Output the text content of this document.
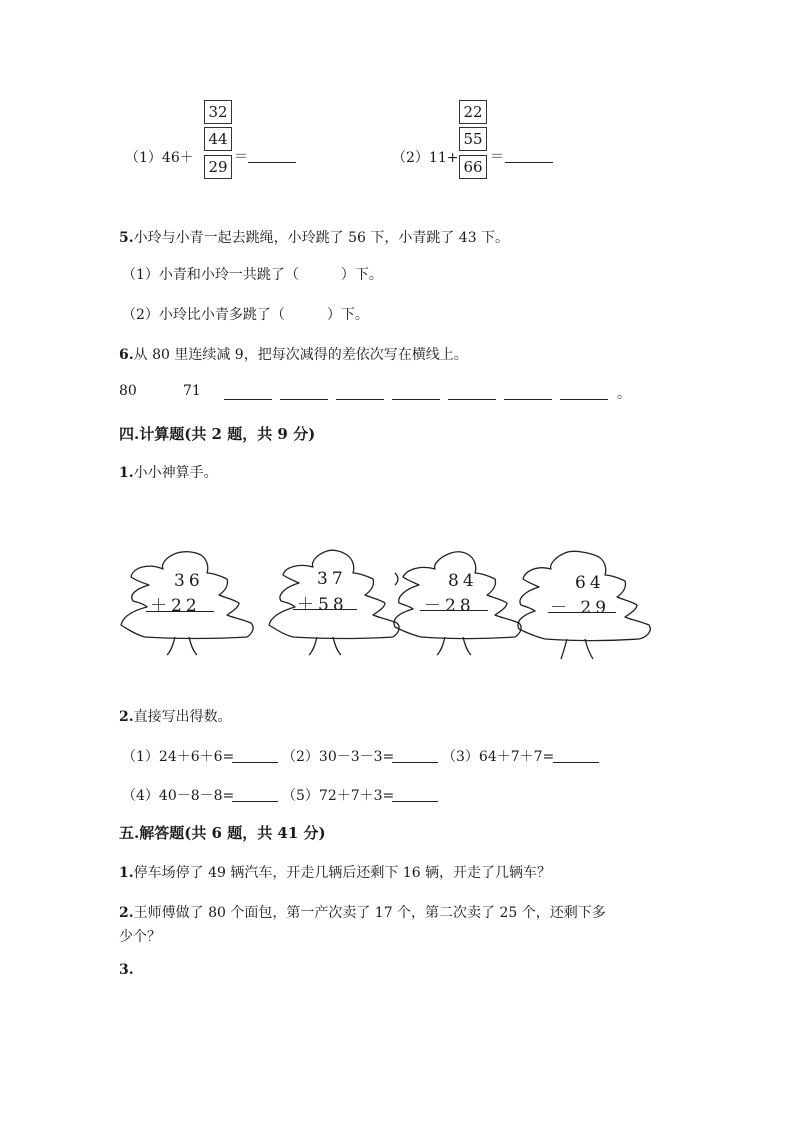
（1）46＋
32
44
29
＝	（2）11+
22
55
66
＝
5.小玲与小青一起去跳绳，小玲跳了 56 下，小青跳了 43 下。
（1）小青和小玲一共跳了（　　　）下。
（2）小玲比小青多跳了（　　　）下。
6.从 80 里连续减 9，把每次减得的差依次写在横线上。
80	71	。
四.计算题(共 2 题，共 9 分)
1.小小神算手。
36
＋22
37
＋58
84
－28
64
－ 29
2.直接写出得数。
（1）24＋6＋6=	（2）30－3－3=	（3）64＋7＋7=
（4）40－8－8=	（5）72＋7＋3=
五.解答题(共 6 题，共 41 分)
1.停车场停了 49 辆汽车，开走几辆后还剩下 16 辆，开走了几辆车？
2.王师傅做了 80 个面包，第一产次卖了 17 个，第二次卖了 25 个，还剩下多
少个？
3.
